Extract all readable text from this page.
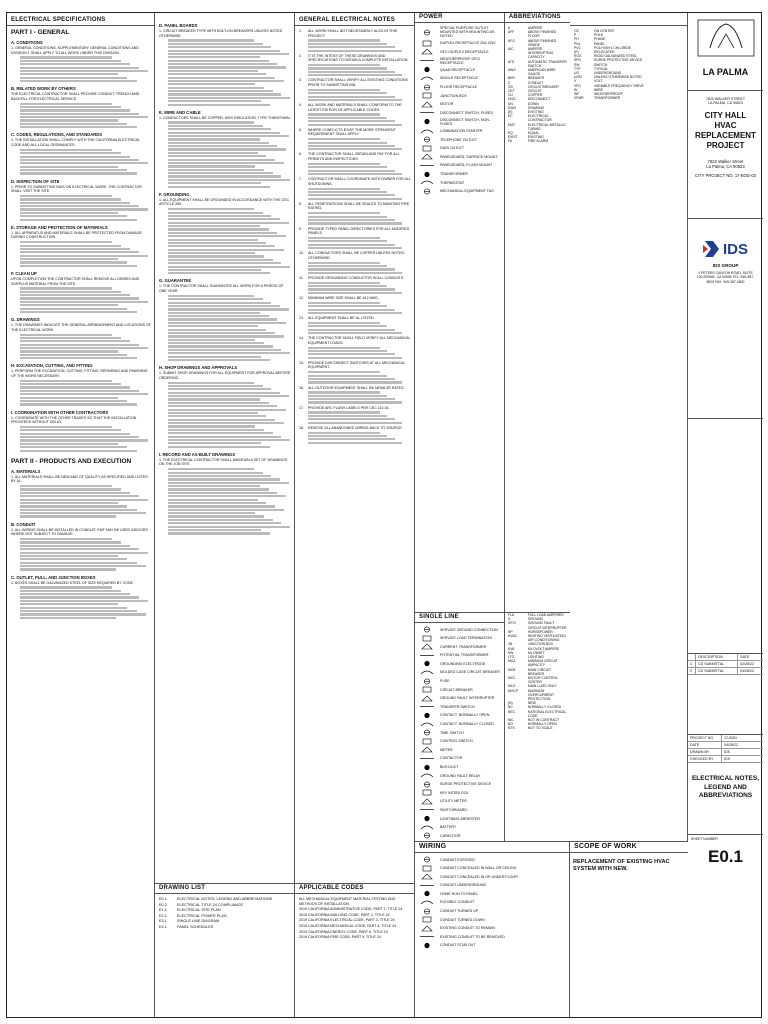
ELECTRICAL SPECIFICATIONS
PART I - GENERAL
A. CONDITIONS
1. GENERAL CONDITIONS, SUPPLEMENTARY GENERAL CONDITIONS AND DIVISION 1 SHALL APPLY TO ALL WORK UNDER THIS DIVISION.
B. RELATED WORK BY OTHERS
THE ELECTRICAL CONTRACTOR SHALL PROVIDE CONDUIT, TRENCH AND BACKFILL FOR ELECTRICAL SERVICE.
C. CODES, REGULATIONS, AND STANDARDS
1. THE INSTALLATION SHALL COMPLY WITH THE CALIFORNIA ELECTRICAL CODE AND ALL LOCAL ORDINANCES.
D. INSPECTION OF SITE
1. PRIOR TO SUBMITTING BIDS ON ELECTRICAL WORK, THE CONTRACTOR SHALL VISIT THE SITE.
E. STORAGE AND PROTECTION OF MATERIALS
1. ALL APPARATUS AND MATERIALS SHALL BE PROTECTED FROM DAMAGE DURING CONSTRUCTION.
F. CLEAN UP
UPON COMPLETION THE CONTRACTOR SHALL REMOVE ALL DEBRIS AND SURPLUS MATERIAL FROM THE SITE.
G. DRAWINGS
1. THE DRAWINGS INDICATE THE GENERAL ARRANGEMENT AND LOCATIONS OF THE ELECTRICAL WORK.
H. EXCAVATION, CUTTING, AND FITTING
1. PERFORM THE EXCAVATION, CUTTING, FITTING, REPAIRING AND FINISHING OF THE WORK NECESSARY.
I. COORDINATION WITH OTHER CONTRACTORS
1. COORDINATE WITH THE OTHER TRADES SO THAT THE INSTALLATION PROCEEDS WITHOUT DELAY.
PART II - PRODUCTS AND EXECUTION
A. MATERIALS
1. ALL MATERIALS SHALL BE NEW AND OF QUALITY AS SPECIFIED AND LISTED BY UL.
B. CONDUIT
1. ALL WIRING SHALL BE INSTALLED IN CONDUIT. EMT MAY BE USED INDOORS WHERE NOT SUBJECT TO DAMAGE.
C. OUTLET, PULL, AND JUNCTION BOXES
1. BOXES SHALL BE GALVANIZED STEEL OF SIZE REQUIRED BY CODE.
D. PANEL BOARDS
1. CIRCUIT BREAKER TYPE WITH BOLT-ON BREAKERS UNLESS NOTED OTHERWISE.
E. WIRE AND CABLE
1. CONDUCTORS SHALL BE COPPER, 600V INSULATION, TYPE THHN/THWN.
F. GROUNDING
1. ALL EQUIPMENT SHALL BE GROUNDED IN ACCORDANCE WITH THE CEC ARTICLE 250.
G. GUARANTEE
1. THE CONTRACTOR SHALL GUARANTEE ALL WORK FOR A PERIOD OF ONE YEAR.
H. SHOP DRAWINGS AND APPROVALS
1. SUBMIT SHOP DRAWINGS FOR ALL EQUIPMENT FOR APPROVAL BEFORE ORDERING.
I. RECORD AND AS-BUILT DRAWINGS
1. THE ELECTRICAL CONTRACTOR SHALL MAINTAIN A SET OF DRAWINGS ON THE JOB SITE.
DRAWING LIST
E0.1	ELECTRICAL NOTES, LEGEND AND ABBREVIATIONS
E0.2	ELECTRICAL TITLE 24 COMPLIANCE
E1.1	ELECTRICAL SITE PLAN
E2.1	ELECTRICAL POWER PLAN
E3.1	SINGLE LINE DIAGRAM
E4.1	PANEL SCHEDULES
GENERAL ELECTRICAL NOTES
1.	ALL WORK SHALL NOT NECESSARILY ALSO IN THIS PROJECT.
2.	IT IS THE INTENT OF THESE DRAWINGS AND SPECIFICATIONS TO OBTAIN A COMPLETE INSTALLATION.
3.	CONTRACTOR SHALL VERIFY ALL EXISTING CONDITIONS PRIOR TO SUBMITTING BID.
4.	ALL WORK AND MATERIALS SHALL CONFORM TO THE LATEST EDITION OF APPLICABLE CODES.
5.	WHERE CONFLICTS EXIST THE MORE STRINGENT REQUIREMENT SHALL APPLY.
6.	THE CONTRACTOR SHALL OBTAIN AND PAY FOR ALL PERMITS AND INSPECTIONS.
7.	CONTRACTOR SHALL COORDINATE WITH OWNER FOR ALL SHUTDOWNS.
8.	ALL PENETRATIONS SHALL BE SEALED TO MAINTAIN FIRE RATING.
9.	PROVIDE TYPED PANEL DIRECTORIES FOR ALL MODIFIED PANELS.
10.	ALL CONDUCTORS SHALL BE COPPER UNLESS NOTED OTHERWISE.
11.	PROVIDE GROUNDING CONDUCTOR IN ALL CONDUITS.
12.	MINIMUM WIRE SIZE SHALL BE #12 AWG.
13.	ALL EQUIPMENT SHALL BE UL LISTED.
14.	THE CONTRACTOR SHALL FIELD VERIFY ALL MECHANICAL EQUIPMENT LOADS.
15.	PROVIDE DISCONNECT SWITCHES AT ALL MECHANICAL EQUIPMENT.
16.	ALL OUTDOOR EQUIPMENT SHALL BE NEMA 3R RATED.
17.	PROVIDE ARC FLASH LABELS PER CEC 110.16.
18.	REMOVE ALL ABANDONED WIRING BACK TO SOURCE.
APPLICABLE CODES
ALL MECHANICAL EQUIPMENT MATERIAL TESTING AND METHODS OF INSTALLATION
2019 CALIFORNIA ADMINISTRATIVE CODE, PART 1, TITLE 24
2019 CALIFORNIA BUILDING CODE, PART 2, TITLE 24
2019 CALIFORNIA ELECTRICAL CODE, PART 3, TITLE 24
2019 CALIFORNIA MECHANICAL CODE, PART 4, TITLE 24
2019 CALIFORNIA ENERGY CODE, PART 6, TITLE 24
2019 CALIFORNIA FIRE CODE, PART 9, TITLE 24
POWER
SPECIAL PURPOSE OUTLET MOUNTED WITH MOUNTING AS NOTED
DUPLEX RECEPTACLE 20A 125V
GFCI DUPLEX RECEPTACLE
WEATHERPROOF GFCI RECEPTACLE
QUAD RECEPTACLE
SINGLE RECEPTACLE
FLOOR RECEPTACLE
JUNCTION BOX
MOTOR
DISCONNECT SWITCH, FUSED
DISCONNECT SWITCH, NON-FUSED
COMBINATION STARTER
TELEPHONE OUTLET
DATA OUTLET
PANELBOARD, SURFACE MOUNT
PANELBOARD, FLUSH MOUNT
TRANSFORMER
THERMOSTAT
MECHANICAL EQUIPMENT TAG
ABBREVIATIONS
A	AMPERE
AFF	ABOVE FINISHED FLOOR
AFG	ABOVE FINISHED GRADE
AIC	AMPERE INTERRUPTING CAPACITY
ATS	AUTOMATIC TRANSFER SWITCH
AWG	AMERICAN WIRE GAUGE
BKR	BREAKER
C	CONDUIT
CB	CIRCUIT BREAKER
CKT	CIRCUIT
CU	COPPER
DISC	DISCONNECT
DN	DOWN
DWG	DRAWING
(E)	EXISTING
EC	ELECTRICAL CONTRACTOR
EMT	ELECTRICAL METALLIC TUBING
EQ	EQUAL
EXIST	EXISTING
FA	FIRE ALARM
SINGLE LINE
SERVICE GROUND CONNECTION
SERVICE LOAD TERMINATION
CURRENT TRANSFORMER
POTENTIAL TRANSFORMER
GROUNDING ELECTRODE
MOLDED CASE CIRCUIT BREAKER
FUSE
CIRCUIT BREAKER
GROUND FAULT INTERRUPTER
TRANSFER SWITCH
CONTACT, NORMALLY OPEN
CONTACT, NORMALLY CLOSED
TIME SWITCH
CONTROL SWITCH
METER
CONTACTOR
BUS DUCT
GROUND FAULT RELAY
SURGE PROTECTIVE DEVICE
KEY INTERLOCK
UTILITY METER
SWITCHBOARD
LIGHTNING ARRESTER
BATTERY
CAPACITOR
FLA	FULL LOAD AMPERES
G	GROUND
GFCI	GROUND FAULT CIRCUIT INTERRUPTER
HP	HORSEPOWER
HVAC	HEATING VENTILATION AIR CONDITIONING
JB	JUNCTION BOX
KVA	KILOVOLT AMPERE
KW	KILOWATT
LTG	LIGHTING
MCA	MINIMUM CIRCUIT AMPACITY
MCB	MAIN CIRCUIT BREAKER
MCC	MOTOR CONTROL CENTER
MLO	MAIN LUGS ONLY
MOCP	MAXIMUM OVERCURRENT PROTECTION
(N)	NEW
NC	NORMALLY CLOSED
NEC	NATIONAL ELECTRICAL CODE
NIC	NOT IN CONTRACT
NO	NORMALLY OPEN
NTS	NOT TO SCALE

OC	ON CENTER
P	POLE
PH	PHASE
PNL	PANEL
PVC	POLYVINYL CHLORIDE
(R)	RELOCATED
RGS	RIGID GALVANIZED STEEL
SPD	SURGE PROTECTIVE DEVICE
SW	SWITCH
TYP	TYPICAL
UG	UNDERGROUND
UON	UNLESS OTHERWISE NOTED
V	VOLT
VFD	VARIABLE FREQUENCY DRIVE
W	WIRE
WP	WEATHERPROOF
XFMR	TRANSFORMER
WIRING
CONDUIT EXPOSED
CONDUIT CONCEALED IN WALL OR CEILING
CONDUIT CONCEALED IN OR UNDER FLOOR
CONDUIT UNDERGROUND
HOME RUN TO PANEL
FLEXIBLE CONDUIT
CONDUIT TURNED UP
CONDUIT TURNED DOWN
EXISTING CONDUIT TO REMAIN
EXISTING CONDUIT TO BE REMOVED
CONDUIT STUB OUT
SCOPE OF WORK
REPLACEMENT OF EXISTING HVAC SYSTEM WITH NEW.
LA PALMA
7822 WALKER STREET
LA PALMA, CA 90623
CITY HALL
HVAC REPLACEMENT
PROJECT
7822 Walker Street
La Palma, CA 90623
CITY PROJECT NO. 17-BOD-02
IDS
IDS GROUP
1 PETERS CANYON ROAD, SUITE 130 IRVINE, CA 92606 TEL: 949-387-8500 FAX: 949-387-0800
DESCRIPTION	DATE
1	CD SUBMITTAL	02/28/22
2	CD SUBMITTAL	04/28/22
PROJECT NO.	17-BOD
DATE	04/28/22
DRAWN BY	IDS
CHECKED BY	IDS
ELECTRICAL NOTES,
LEGEND AND
ABBREVIATIONS
SHEET NUMBER
E0.1
